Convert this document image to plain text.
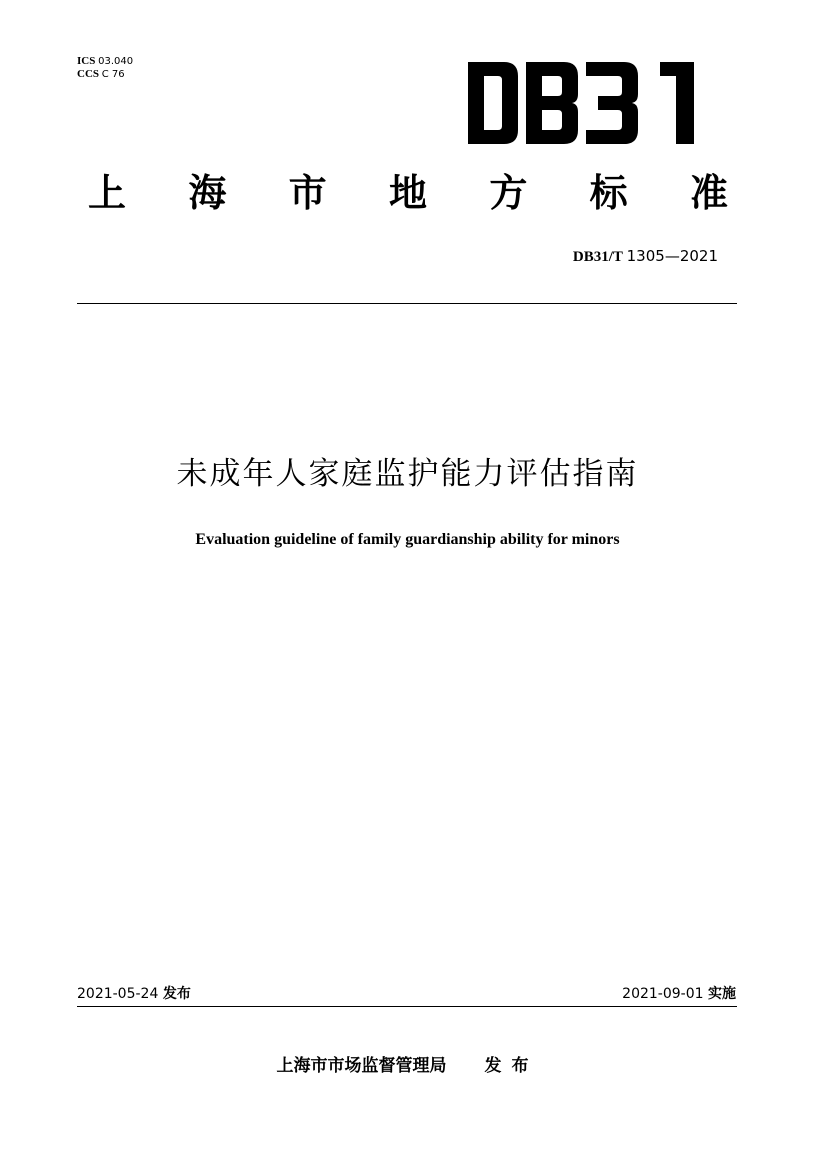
ICS 03.040
CCS C 76
上 海 市 地 方 标 准
DB31/T 1305—2021
未成年人家庭监护能力评估指南
Evaluation guideline of family guardianship ability for minors
2021-05-24 发布	2021-09-01 实施
上海市市场监督管理局 发布
